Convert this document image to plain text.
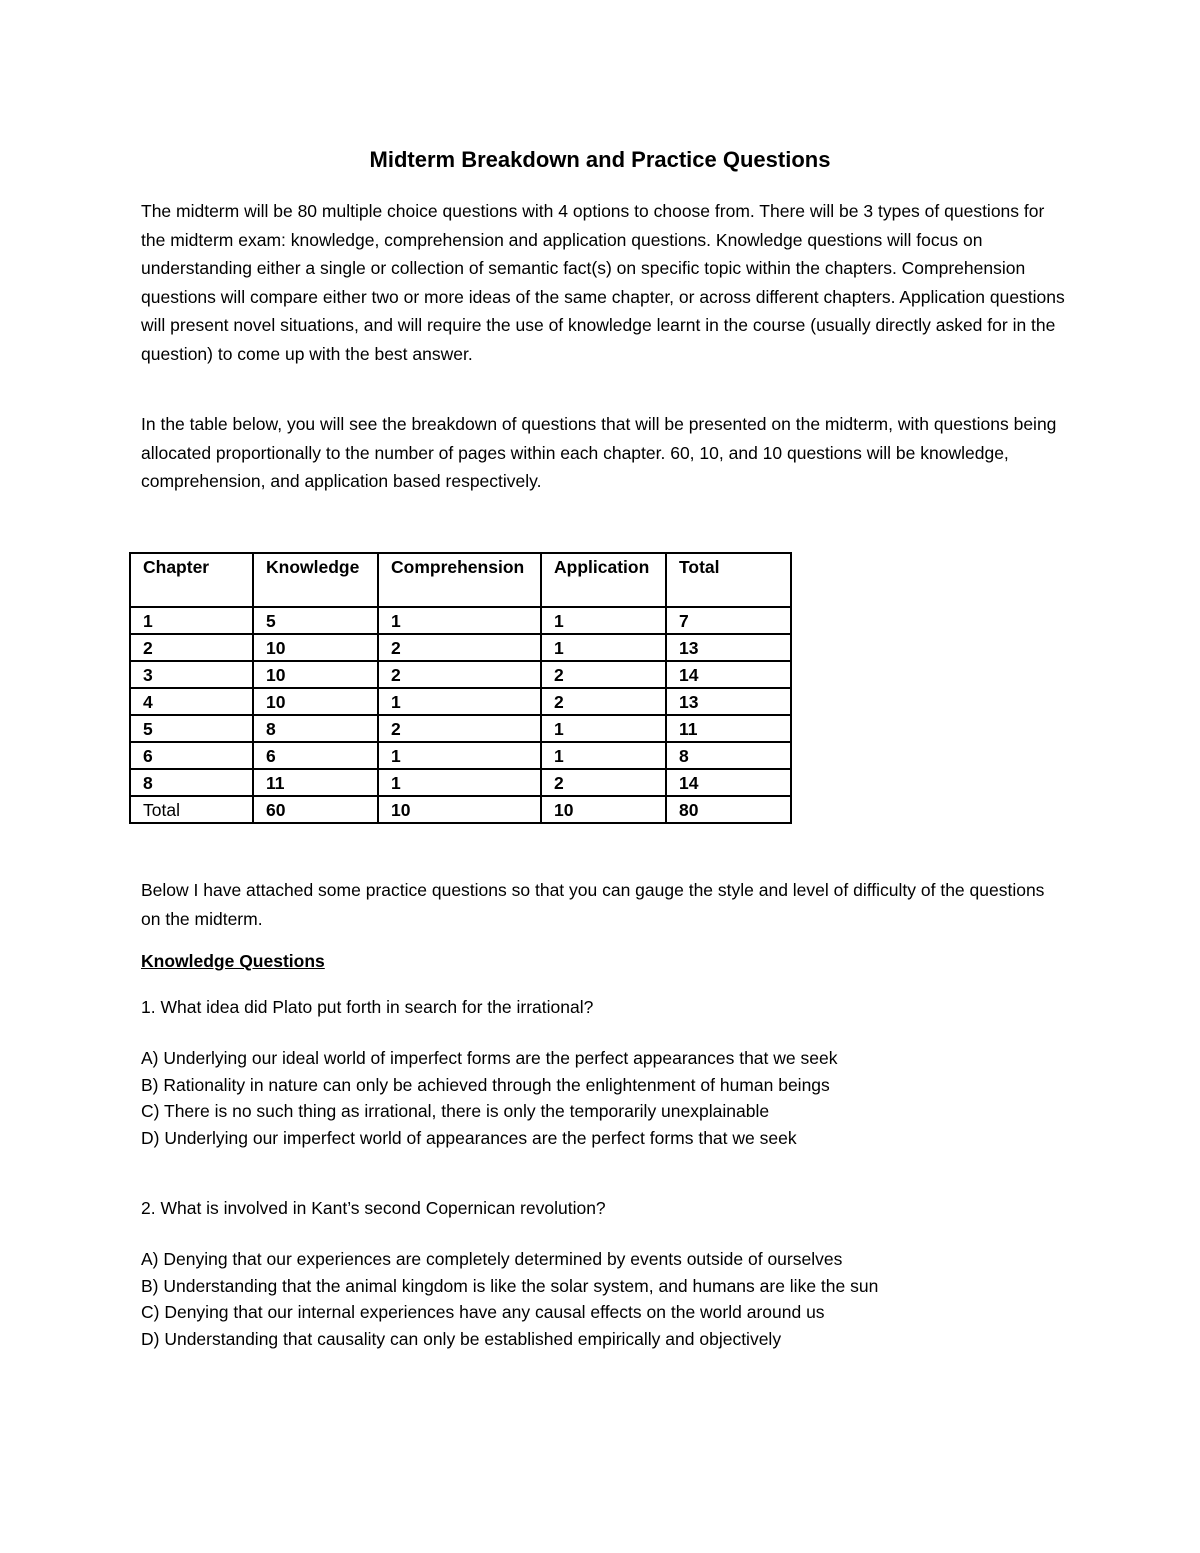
Midterm Breakdown and Practice Questions
The midterm will be 80 multiple choice questions with 4 options to choose from. There will be 3 types of questions for the midterm exam: knowledge, comprehension and application questions. Knowledge questions will focus on understanding either a single or collection of semantic fact(s) on specific topic within the chapters. Comprehension questions will compare either two or more ideas of the same chapter, or across different chapters. Application questions will present novel situations, and will require the use of knowledge learnt in the course (usually directly asked for in the question) to come up with the best answer.
In the table below, you will see the breakdown of questions that will be presented on the midterm, with questions being allocated proportionally to the number of pages within each chapter. 60, 10, and 10 questions will be knowledge, comprehension, and application based respectively.
Chapter	Knowledge	Comprehension	Application	Total

1	5	1	1	7
2	10	2	1	13
3	10	2	2	14
4	10	1	2	13
5	8	2	1	11
6	6	1	1	8
8	11	1	2	14
Total	60	10	10	80
Below I have attached some practice questions so that you can gauge the style and level of difficulty of the questions on the midterm.
Knowledge Questions
1. What idea did Plato put forth in search for the irrational?
A) Underlying our ideal world of imperfect forms are the perfect appearances that we seek
B) Rationality in nature can only be achieved through the enlightenment of human beings
C) There is no such thing as irrational, there is only the temporarily unexplainable
D) Underlying our imperfect world of appearances are the perfect forms that we seek
2. What is involved in Kant’s second Copernican revolution?
A) Denying that our experiences are completely determined by events outside of ourselves
B) Understanding that the animal kingdom is like the solar system, and humans are like the sun
C) Denying that our internal experiences have any causal effects on the world around us
D) Understanding that causality can only be established empirically and objectively
